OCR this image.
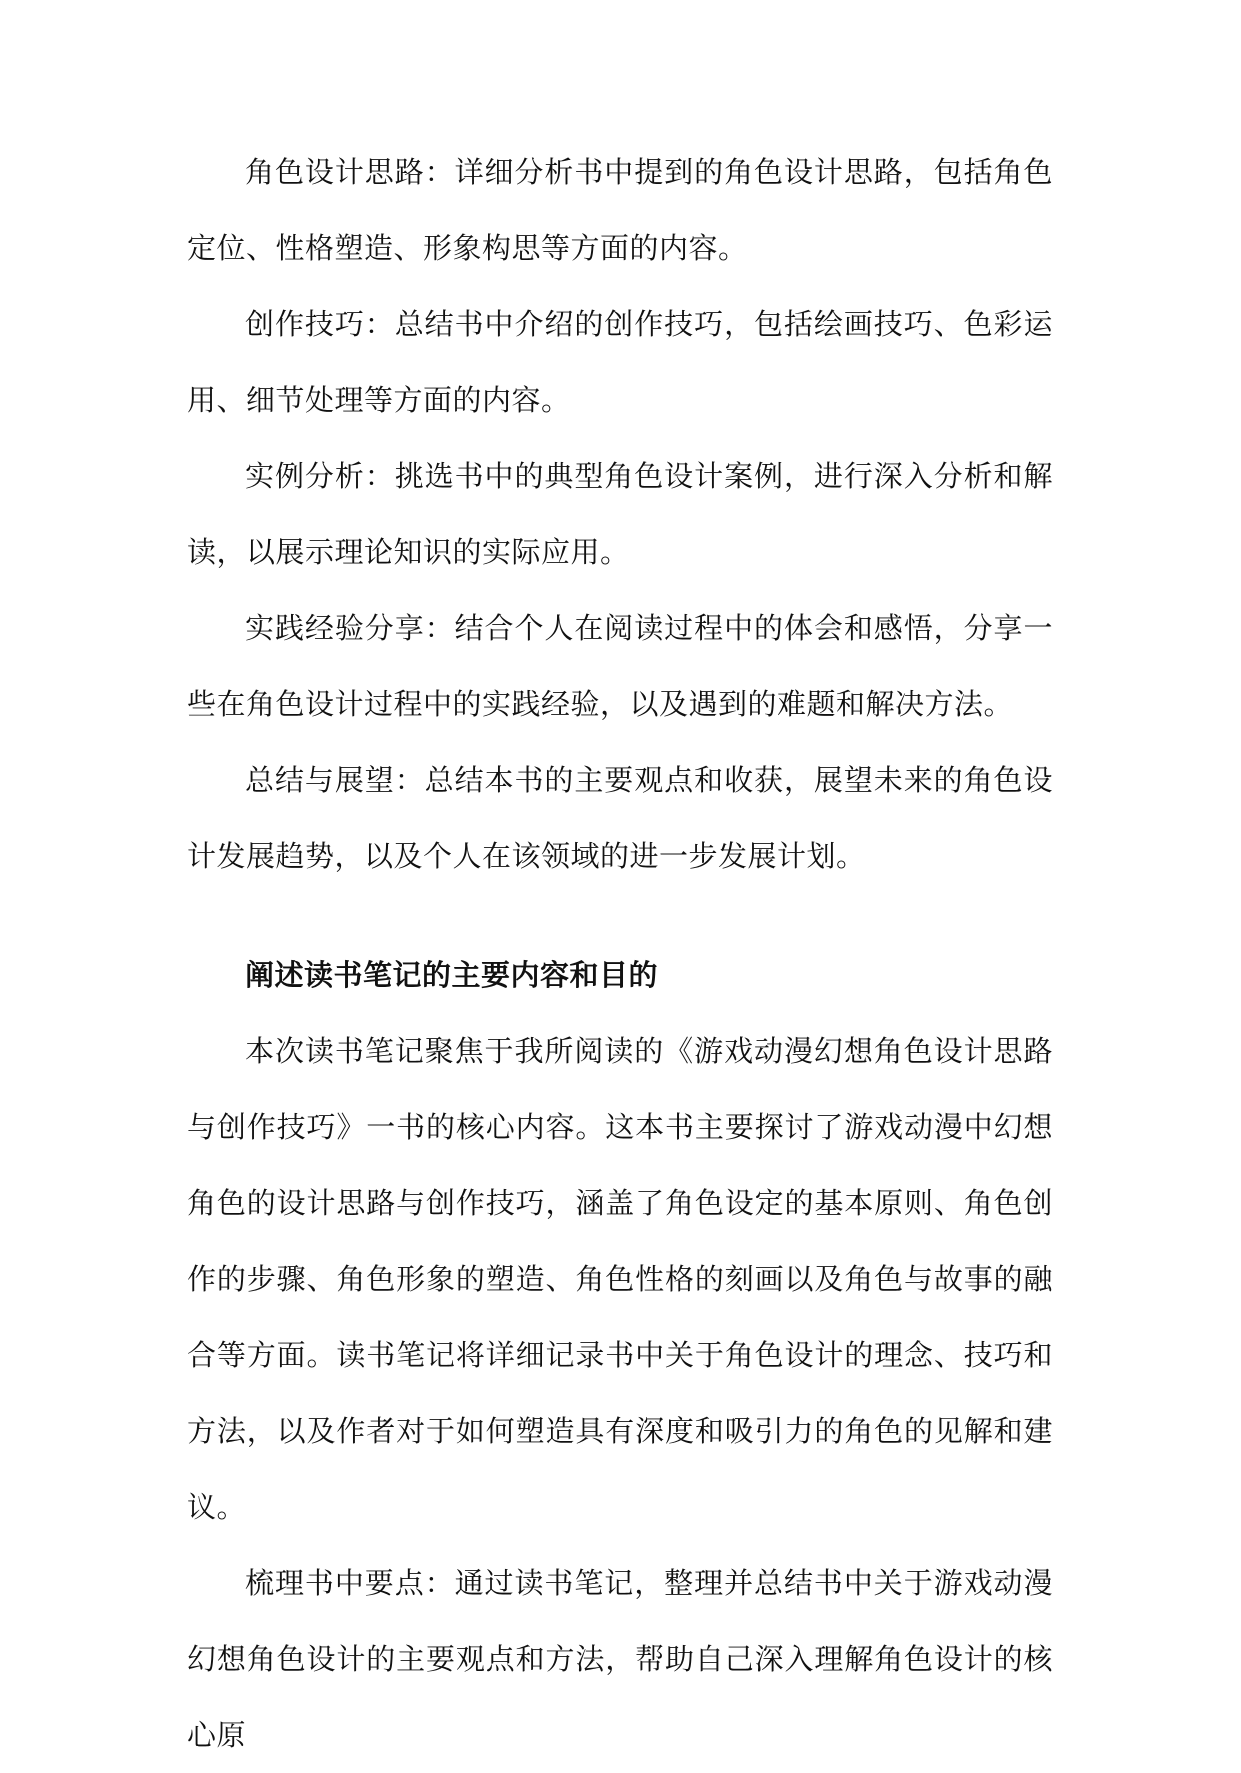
角色设计思路：详细分析书中提到的角色设计思路，包括角色定位、性格塑造、形象构思等方面的内容。

创作技巧：总结书中介绍的创作技巧，包括绘画技巧、色彩运用、细节处理等方面的内容。

实例分析：挑选书中的典型角色设计案例，进行深入分析和解读，以展示理论知识的实际应用。

实践经验分享：结合个人在阅读过程中的体会和感悟，分享一些在角色设计过程中的实践经验，以及遇到的难题和解决方法。

总结与展望：总结本书的主要观点和收获，展望未来的角色设计发展趋势，以及个人在该领域的进一步发展计划。

阐述读书笔记的主要内容和目的

本次读书笔记聚焦于我所阅读的《游戏动漫幻想角色设计思路与创作技巧》一书的核心内容。这本书主要探讨了游戏动漫中幻想角色的设计思路与创作技巧，涵盖了角色设定的基本原则、角色创作的步骤、角色形象的塑造、角色性格的刻画以及角色与故事的融合等方面。读书笔记将详细记录书中关于角色设计的理念、技巧和方法，以及作者对于如何塑造具有深度和吸引力的角色的见解和建议。

梳理书中要点：通过读书笔记，整理并总结书中关于游戏动漫幻想角色设计的主要观点和方法，帮助自己深入理解角色设计的核心原
